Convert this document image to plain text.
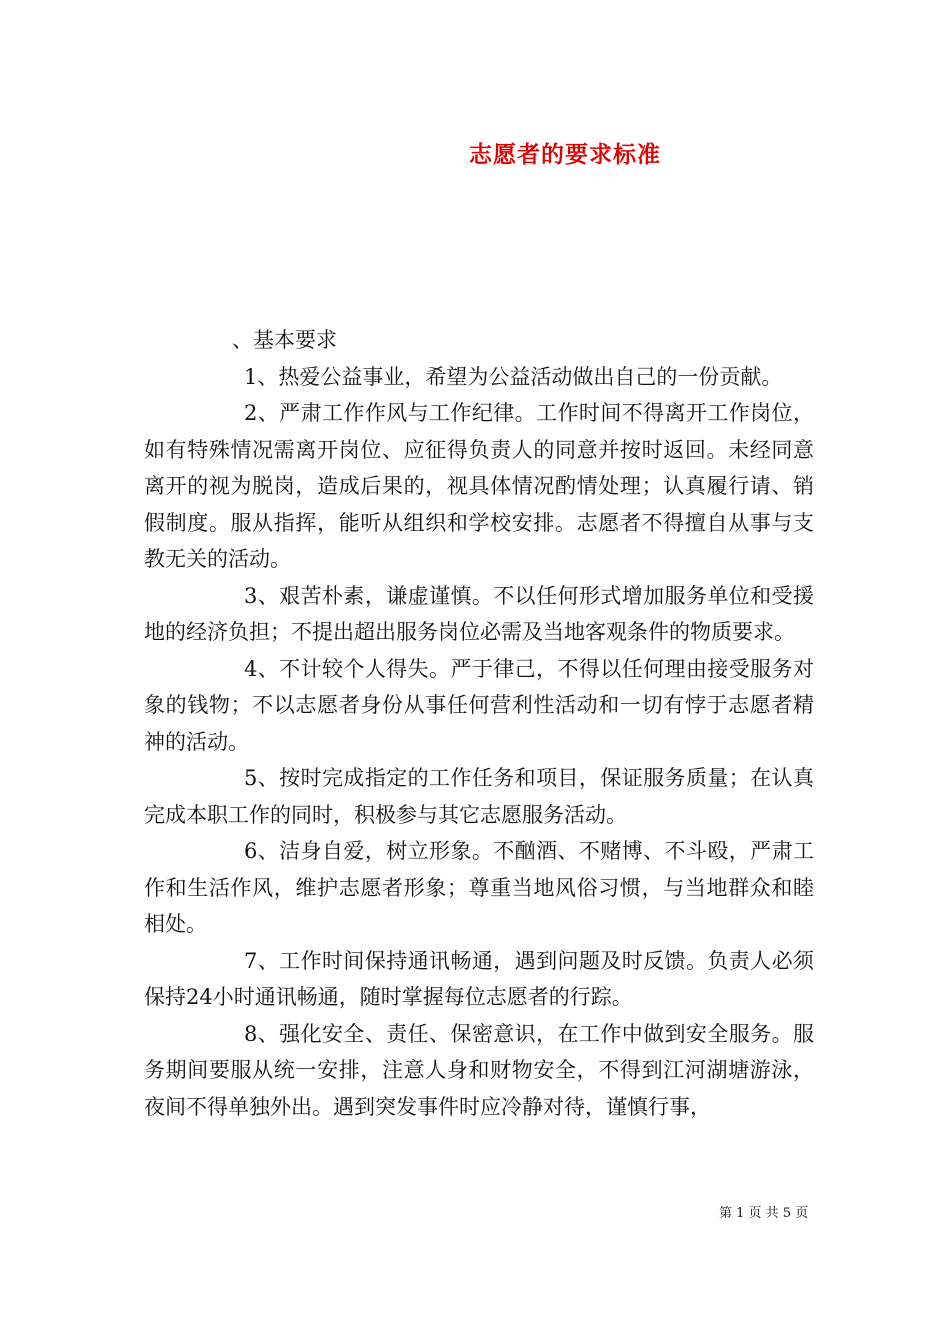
志愿者的要求标准

、基本要求

1、热爱公益事业，希望为公益活动做出自己的一份贡献。

2、严肃工作作风与工作纪律。工作时间不得离开工作岗位，如有特殊情况需离开岗位、应征得负责人的同意并按时返回。未经同意离开的视为脱岗，造成后果的，视具体情况酌情处理；认真履行请、销假制度。服从指挥，能听从组织和学校安排。志愿者不得擅自从事与支教无关的活动。

3、艰苦朴素，谦虚谨慎。不以任何形式增加服务单位和受援地的经济负担；不提出超出服务岗位必需及当地客观条件的物质要求。

4、不计较个人得失。严于律己，不得以任何理由接受服务对象的钱物；不以志愿者身份从事任何营利性活动和一切有悖于志愿者精神的活动。

5、按时完成指定的工作任务和项目，保证服务质量；在认真完成本职工作的同时，积极参与其它志愿服务活动。

6、洁身自爱，树立形象。不酗酒、不赌博、不斗殴，严肃工作和生活作风，维护志愿者形象；尊重当地风俗习惯，与当地群众和睦相处。

7、工作时间保持通讯畅通，遇到问题及时反馈。负责人必须保持24小时通讯畅通，随时掌握每位志愿者的行踪。

8、强化安全、责任、保密意识，在工作中做到安全服务。服务期间要服从统一安排，注意人身和财物安全，不得到江河湖塘游泳，夜间不得单独外出。遇到突发事件时应冷静对待，谨慎行事，

第 1 页 共 5 页
